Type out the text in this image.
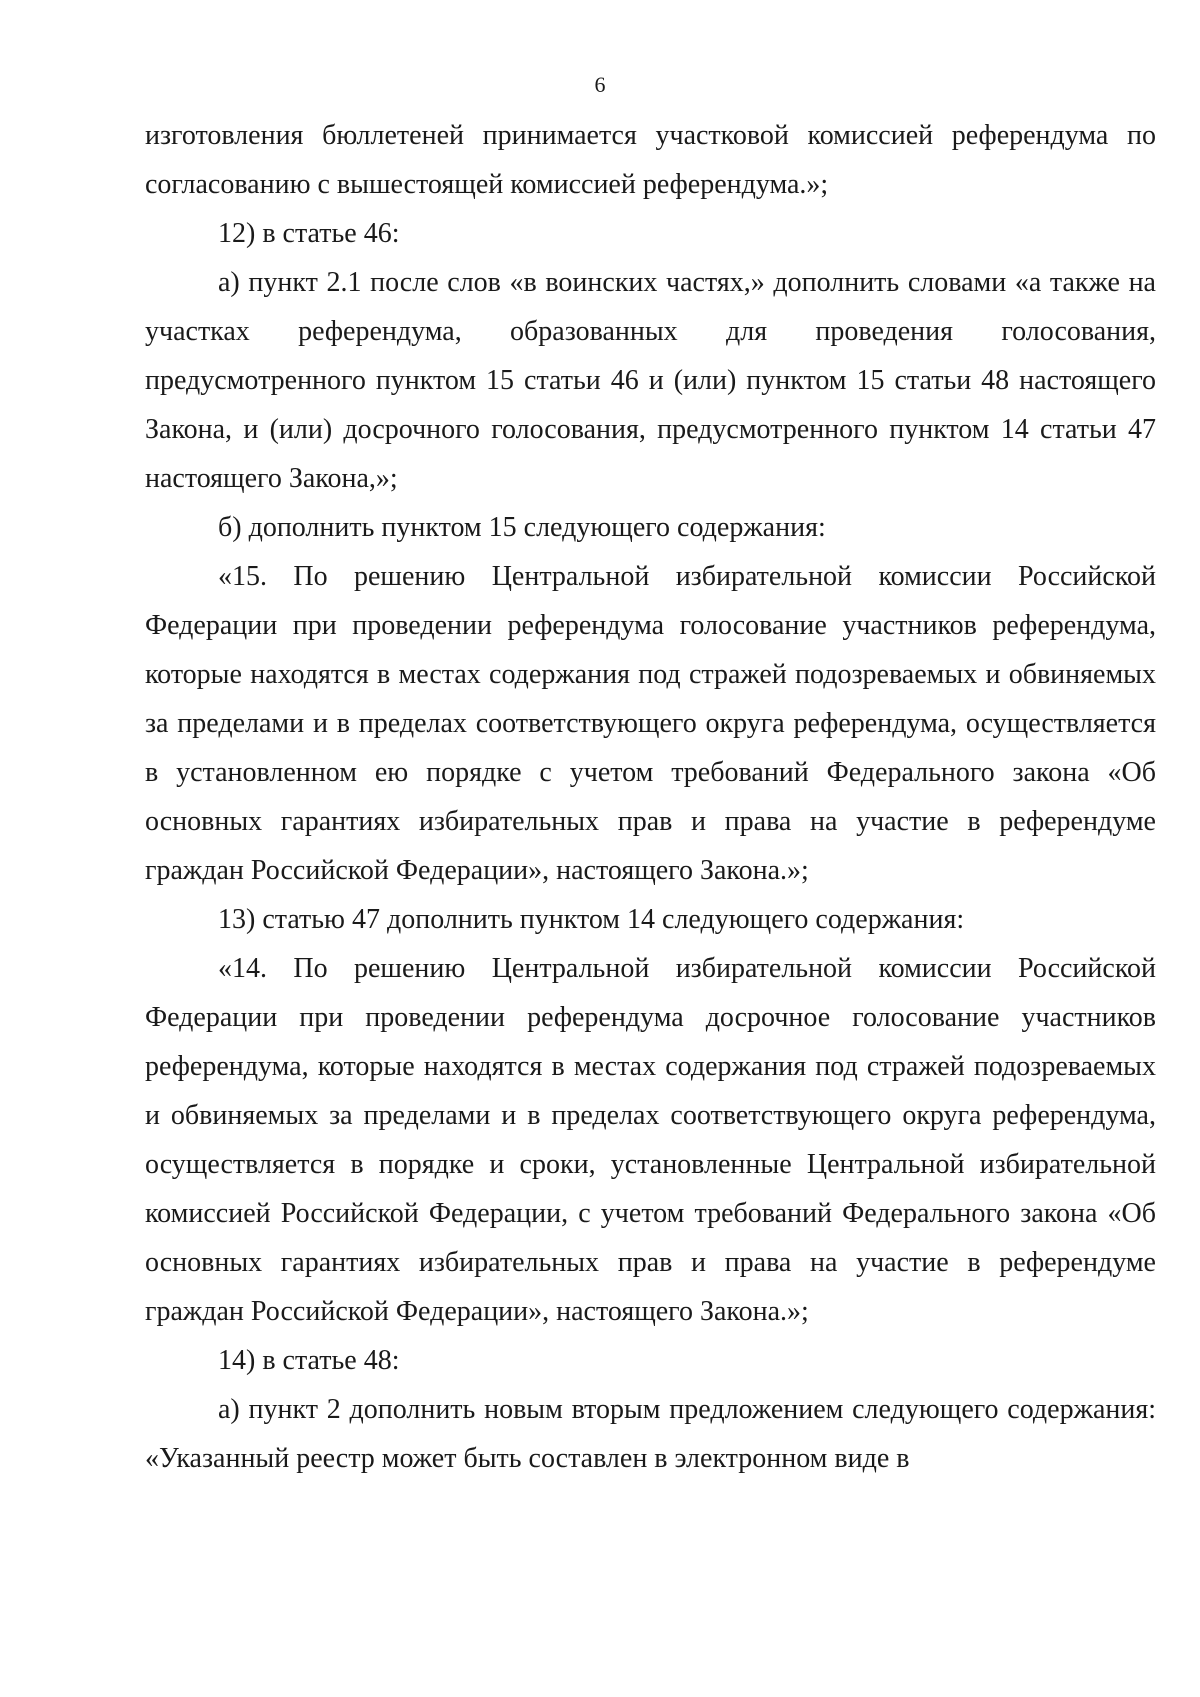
6

изготовления бюллетеней принимается участковой комиссией референдума по согласованию с вышестоящей комиссией референдума.»;

12) в статье 46:

а) пункт 2.1 после слов «в воинских частях,» дополнить словами «а также на участках референдума, образованных для проведения голосования, предусмотренного пунктом 15 статьи 46 и (или) пунктом 15 статьи 48 настоящего Закона, и (или) досрочного голосования, предусмотренного пунктом 14 статьи 47 настоящего Закона,»;

б) дополнить пунктом 15 следующего содержания:

«15. По решению Центральной избирательной комиссии Российской Федерации при проведении референдума голосование участников референдума, которые находятся в местах содержания под стражей подозреваемых и обвиняемых за пределами и в пределах соответствующего округа референдума, осуществляется в установленном ею порядке с учетом требований Федерального закона «Об основных гарантиях избирательных прав и права на участие в референдуме граждан Российской Федерации», настоящего Закона.»;

13) статью 47 дополнить пунктом 14 следующего содержания:

«14. По решению Центральной избирательной комиссии Российской Федерации при проведении референдума досрочное голосование участников референдума, которые находятся в местах содержания под стражей подозреваемых и обвиняемых за пределами и в пределах соответствующего округа референдума, осуществляется в порядке и сроки, установленные Центральной избирательной комиссией Российской Федерации, с учетом требований Федерального закона «Об основных гарантиях избирательных прав и права на участие в референдуме граждан Российской Федерации», настоящего Закона.»;

14) в статье 48:

а) пункт 2 дополнить новым вторым предложением следующего содержания: «Указанный реестр может быть составлен в электронном виде в
